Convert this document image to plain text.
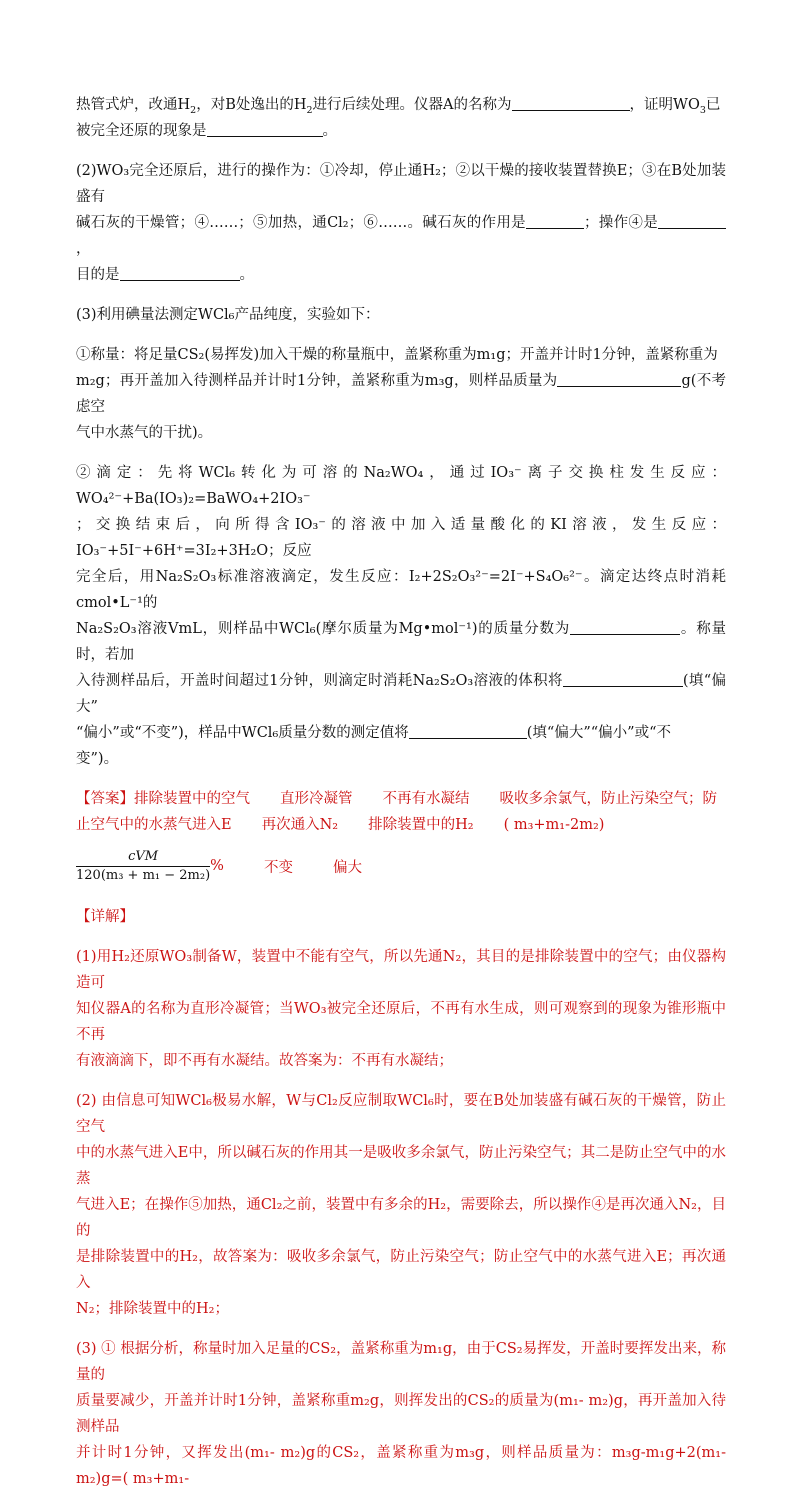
热管式炉，改通$H_2$，对B处逸出的$H_2$进行后续处理。仪器A的名称为	，证明$WO_3$已

被完全还原的现象是	。

(2)WO₃完全还原后，进行的操作为：①冷却，停止通H₂；②以干燥的接收装置替换E；③在B处加装盛有

碱石灰的干燥管；④……；⑤加热，通Cl₂；⑥……。碱石灰的作用是	；操作④是，

目的是	。

(3)利用碘量法测定WCl₆产品纯度，实验如下：

①称量：将足量CS₂(易挥发)加入干燥的称量瓶中，盖紧称重为m₁g；开盖并计时1分钟，盖紧称重为

m₂g；再开盖加入待测样品并计时1分钟，盖紧称重为m₃g，则样品质量为	g(不考虑空

气中水蒸气的干扰)。

②滴定：先将WCl₆转化为可溶的Na₂WO₄，通过IO₃⁻离子交换柱发生反应：WO₄²⁻+Ba(IO₃)₂=BaWO₄+2IO₃⁻

；交换结束后，向所得含IO₃⁻的溶液中加入适量酸化的KI溶液，发生反应：IO₃⁻+5I⁻+6H⁺=3I₂+3H₂O；反应

完全后，用Na₂S₂O₃标准溶液滴定，发生反应：I₂+2S₂O₃²⁻=2I⁻+S₄O₆²⁻。滴定达终点时消耗cmol•L⁻¹的

Na₂S₂O₃溶液VmL，则样品中WCl₆(摩尔质量为Mg•mol⁻¹)的质量分数为	。称量时，若加

入待测样品后，开盖时间超过1分钟，则滴定时消耗Na₂S₂O₃溶液的体积将	(填“偏大”

“偏小”或“不变”)，样品中WCl₆质量分数的测定值将	(填“偏大”“偏小”或“不

变”)。

【答案】排除装置中的空气 直形冷凝管 不再有水凝结 吸收多余氯气，防止污染空气；防

止空气中的水蒸气进入E 再次通入N₂ 排除装置中的H₂ ( m₃+m₁-2m₂)

$\frac{\text{cVM}}{\text{120(m₃ + m₁ − 2m₂)}}$ %	不变	偏大

【详解】

(1)用H₂还原WO₃制备W，装置中不能有空气，所以先通N₂，其目的是排除装置中的空气；由仪器构造可

知仪器A的名称为直形冷凝管；当WO₃被完全还原后，不再有水生成，则可观察到的现象为锥形瓶中不再

有液滴滴下，即不再有水凝结。故答案为：不再有水凝结；

(2) 由信息可知WCl₆极易水解，W与Cl₂反应制取WCl₆时，要在B处加装盛有碱石灰的干燥管，防止空气

中的水蒸气进入E中，所以碱石灰的作用其一是吸收多余氯气，防止污染空气；其二是防止空气中的水蒸

气进入E；在操作⑤加热，通Cl₂之前，装置中有多余的H₂，需要除去，所以操作④是再次通入N₂，目的

是排除装置中的H₂，故答案为：吸收多余氯气，防止污染空气；防止空气中的水蒸气进入E；再次通入

N₂；排除装置中的H₂；

(3) ① 根据分析，称量时加入足量的CS₂，盖紧称重为m₁g，由于CS₂易挥发，开盖时要挥发出来，称量的

质量要减少，开盖并计时1分钟，盖紧称重m₂g，则挥发出的CS₂的质量为(m₁- m₂)g，再开盖加入待测样品

并计时1分钟，又挥发出(m₁- m₂)g的CS₂，盖紧称重为m₃g，则样品质量为：m₃g-m₁g+2(m₁- m₂)g=( m₃+m₁-
